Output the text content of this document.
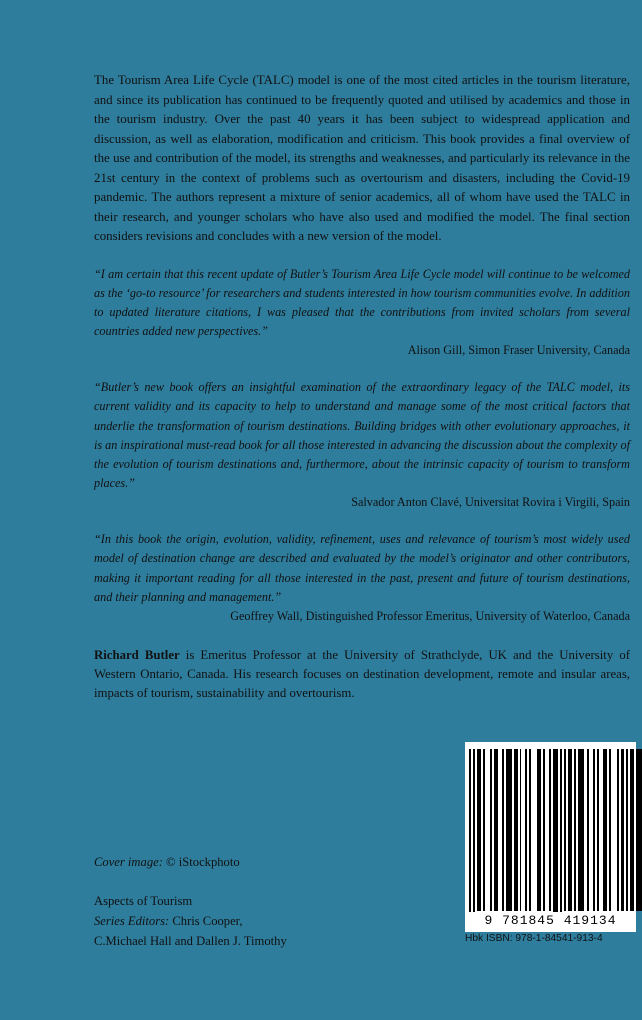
The Tourism Area Life Cycle (TALC) model is one of the most cited articles in the tourism literature, and since its publication has continued to be frequently quoted and utilised by academics and those in the tourism industry. Over the past 40 years it has been subject to widespread application and discussion, as well as elaboration, modification and criticism. This book provides a final overview of the use and contribution of the model, its strengths and weaknesses, and particularly its relevance in the 21st century in the context of problems such as overtourism and disasters, including the Covid-19 pandemic. The authors represent a mixture of senior academics, all of whom have used the TALC in their research, and younger scholars who have also used and modified the model. The final section considers revisions and concludes with a new version of the model.

“I am certain that this recent update of Butler’s Tourism Area Life Cycle model will continue to be welcomed as the ‘go-to resource’ for researchers and students interested in how tourism communities evolve. In addition to updated literature citations, I was pleased that the contributions from invited scholars from several countries added new perspectives.”

Alison Gill, Simon Fraser University, Canada

“Butler’s new book offers an insightful examination of the extraordinary legacy of the TALC model, its current validity and its capacity to help to understand and manage some of the most critical factors that underlie the transformation of tourism destinations. Building bridges with other evolutionary approaches, it is an inspirational must-read book for all those interested in advancing the discussion about the complexity of the evolution of tourism destinations and, furthermore, about the intrinsic capacity of tourism to transform places.”

Salvador Anton Clavé, Universitat Rovira i Virgili, Spain

“In this book the origin, evolution, validity, refinement, uses and relevance of tourism’s most widely used model of destination change are described and evaluated by the model’s originator and other contributors, making it important reading for all those interested in the past, present and future of tourism destinations, and their planning and management.”

Geoffrey Wall, Distinguished Professor Emeritus, University of Waterloo, Canada

Richard Butler is Emeritus Professor at the University of Strathclyde, UK and the University of Western Ontario, Canada. His research focuses on destination development, remote and insular areas, impacts of tourism, sustainability and overtourism.

Cover image: © iStockphoto

Aspects of Tourism

Series Editors: Chris Cooper,

C.Michael Hall and Dallen J. Timothy

9 781845 419134
Hbk ISBN: 978-1-84541-913-4
